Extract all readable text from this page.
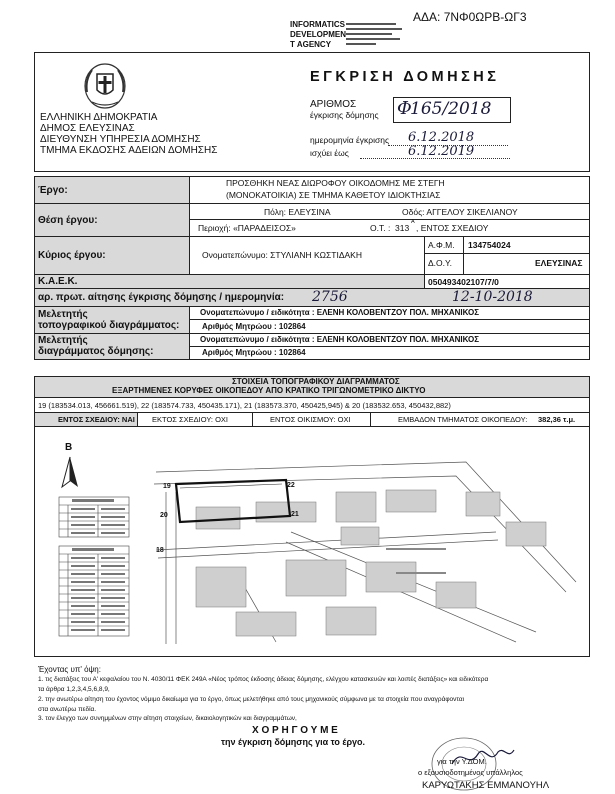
ΑΔΑ: 7ΝΦ0ΩΡΒ-ΩΓ3
INFORMATICS
DEVELOPMEN
T AGENCY
ΕΛΛΗΝΙΚΗ ΔΗΜΟΚΡΑΤΙΑ
ΔΗΜΟΣ ΕΛΕΥΣΙΝΑΣ
ΔΙΕΥΘΥΝΣΗ ΥΠΗΡΕΣΙΑ ΔΟΜΗΣΗΣ
ΤΜΗΜΑ ΕΚΔΟΣΗΣ ΑΔΕΙΩΝ ΔΟΜΗΣΗΣ
ΕΓΚΡΙΣΗ ΔΟΜΗΣΗΣ
ΑΡΙΘΜΟΣ
έγκρισης δόμησης 165/2018
Φ
ημερομηνία έγκρισης 6.12.2018
ισχύει έως	6.12.2019
Έργο:
ΠΡΟΣΘΗΚΗ ΝΕΑΣ ΔΙΩΡΟΦΟΥ ΟΙΚΟΔΟΜΗΣ ΜΕ ΣΤΕΓΗ
(ΜΟΝΟΚΑΤΟΙΚΙΑ) ΣΕ ΤΜΗΜΑ ΚΑΘΕΤΟΥ ΙΔΙΟΚΤΗΣΙΑΣ
Θέση έργου:
Πόλη: ΕΛΕΥΣΙΝΑ	Οδός: ΑΓΓΕΛΟΥ ΣΙΚΕΛΙΑΝΟΥ
Περιοχή: «ΠΑΡΑΔΕΙΣΟΣ»	Ο.Τ. : 313
Α
, ΕΝΤΟΣ ΣΧΕΔΙΟΥ
Κύριος έργου:	Ονοματεπώνυμο: ΣΤΥΛΙΑΝΗ ΚΩΣΤΙΔΑΚΗ
Α.Φ.Μ. 134754024
Δ.Ο.Υ.	ΕΛΕΥΣΙΝΑΣ
Κ.Α.Ε.Κ.	050493402107/7/0
αρ. πρωτ. αίτησης έγκρισης δόμησης / ημερομηνία: 2756	12-10-2018
Μελετητής
τοπογραφικού διαγράμματος:
Ονοματεπώνυμο / ειδικότητα : ΕΛΕΝΗ ΚΟΛΟΒΕΝΤΖΟΥ ΠΟΛ. ΜΗΧΑΝΙΚΟΣ
Αριθμός Μητρώου : 102864
Μελετητής
διαγράμματος δόμησης:
Ονοματεπώνυμο / ειδικότητα : ΕΛΕΝΗ ΚΟΛΟΒΕΝΤΖΟΥ ΠΟΛ. ΜΗΧΑΝΙΚΟΣ
Αριθμός Μητρώου : 102864
ΣΤΟΙΧΕΙΑ ΤΟΠΟΓΡΑΦΙΚΟΥ ΔΙΑΓΡΑΜΜΑΤΟΣ
ΕΞΑΡΤΗΜΕΝΕΣ ΚΟΡΥΦΕΣ ΟΙΚΟΠΕΔΟΥ ΑΠΟ ΚΡΑΤΙΚΟ ΤΡΙΓΩΝΟΜΕΤΡΙΚΟ ΔΙΚΤΥΟ
19 (183534.013, 456661.519), 22 (183574.733, 450435.171), 21 (183573.370, 450425,945) & 20 (183532.653, 450432,882)
ΕΝΤΟΣ ΣΧΕΔΙΟΥ: ΝΑΙ ΕΚΤΟΣ ΣΧΕΔΙΟΥ: ΟΧΙ	ΕΝΤΟΣ ΟΙΚΙΣΜΟΥ: ΟΧΙ	ΕΜΒΑΔΟΝ ΤΜΗΜΑΤΟΣ ΟΙΚΟΠΕΔΟΥ: 382,36 τ.μ.
Β
19
20	21
22
18
Έχοντας υπ' όψη:
1. τις διατάξεις του Α' κεφαλαίου του Ν. 4030/11 ΦΕΚ 249Α «Νέος τρόπος έκδοσης άδειας δόμησης, ελέγχου κατασκευών και λοιπές διατάξεις» και ειδικότερα
τα άρθρα 1,2,3,4,5,6,8,9,
2. την ανωτέρω αίτηση του έχοντος νόμιμο δικαίωμα για το έργο, όπως μελετήθηκε από τους μηχανικούς σύμφωνα με τα στοιχεία που αναγράφονται
στα ανωτέρω πεδία.
3. τον έλεγχο των συνημμένων στην αίτηση στοιχείων, δικαιολογητικών και διαγραμμάτων,
Χ Ο Ρ Η Γ Ο Υ Μ Ε
την έγκριση δόμησης για το έργο.
για την Υ.ΔΟΜ.
ο εξουσιοδοτημένος υπάλληλος
ΚΑΡΥΩΤΑΚΗΣ ΕΜΜΑΝΟΥΗΛ
